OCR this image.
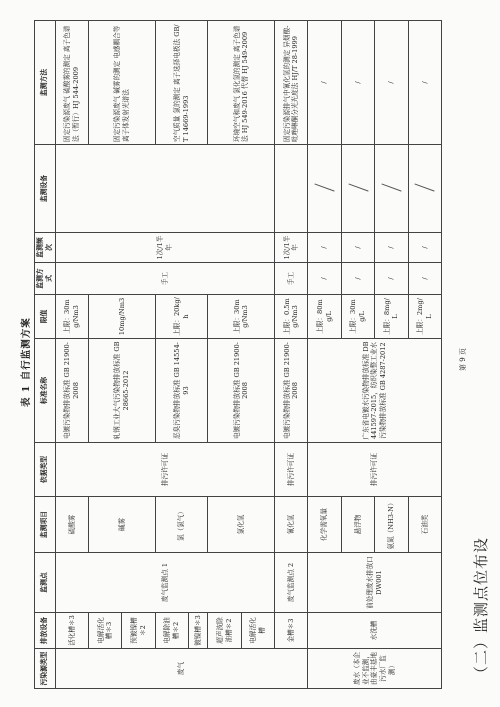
（二）监测点位布设
表 1 自行监测方案
污染源类型	排放设备	监测点	监测项目	依据类型	标准名称	限值	监测方式	监测频次	监测设备	监测方法
废气	活化槽＊3	废气监测点 1	硫酸雾	排污许可证	电镀污染物排放标准 GB 21900-2008	上限：30mg/Nm3	手工	1次/1半年		固定污染源废气 硫酸雾的测定 离子色谱法（暂行）HJ 544-2009
	电解活化槽＊3		碱雾		轧钢工业大气污染物排放标准 GB 28665-2012	10mg/Nm3				固定污染源废气 碱雾的测定 电感耦合等离子体发射光谱法
	预镀镍槽＊2									
	电解除油槽＊2		氯（氯气）		恶臭污染物排放标准 GB 14554-93	上限：20kg/h				空气质量 氯的测定 离子选择电极法 GB/T 14669-1993
	镀镍槽＊3									
	超声波除油槽＊2		氯化氢		电镀污染物排放标准 GB 21900-2008	上限：30mg/Nm3				环境空气和废气 氯化氢的测定 离子色谱法 HJ 549-2016 代替 HJ 549-2009
	电解活化槽									
	金槽＊3	废气监测点 2	氰化氢	排污许可证	电镀污染物排放标准 GB 21900-2008	上限：0.5mg/Nm3	手工	1次/1半年		固定污染源排气中氰化氢的测定 异烟酸-吡唑啉酮分光光度法 HJ/T 28-1999
废水（本企业不监测，由豪丰基地污水厂监测）	水洗槽	前处理废水排放口 DW001	化学需氧量	排污许可证	广东省电镀水污染物排放标准 DB441597-2015，纺织染整工业水污染物排放标准 GB 4287-2012	上限：80mg/L	/	/		/
			悬浮物			上限：30mg/L	/	/		/
			氨氮（NH3-N）			上限：8mg/L	/	/		/
			石油类			上限：2mg/L	/	/		/
第 9 页
